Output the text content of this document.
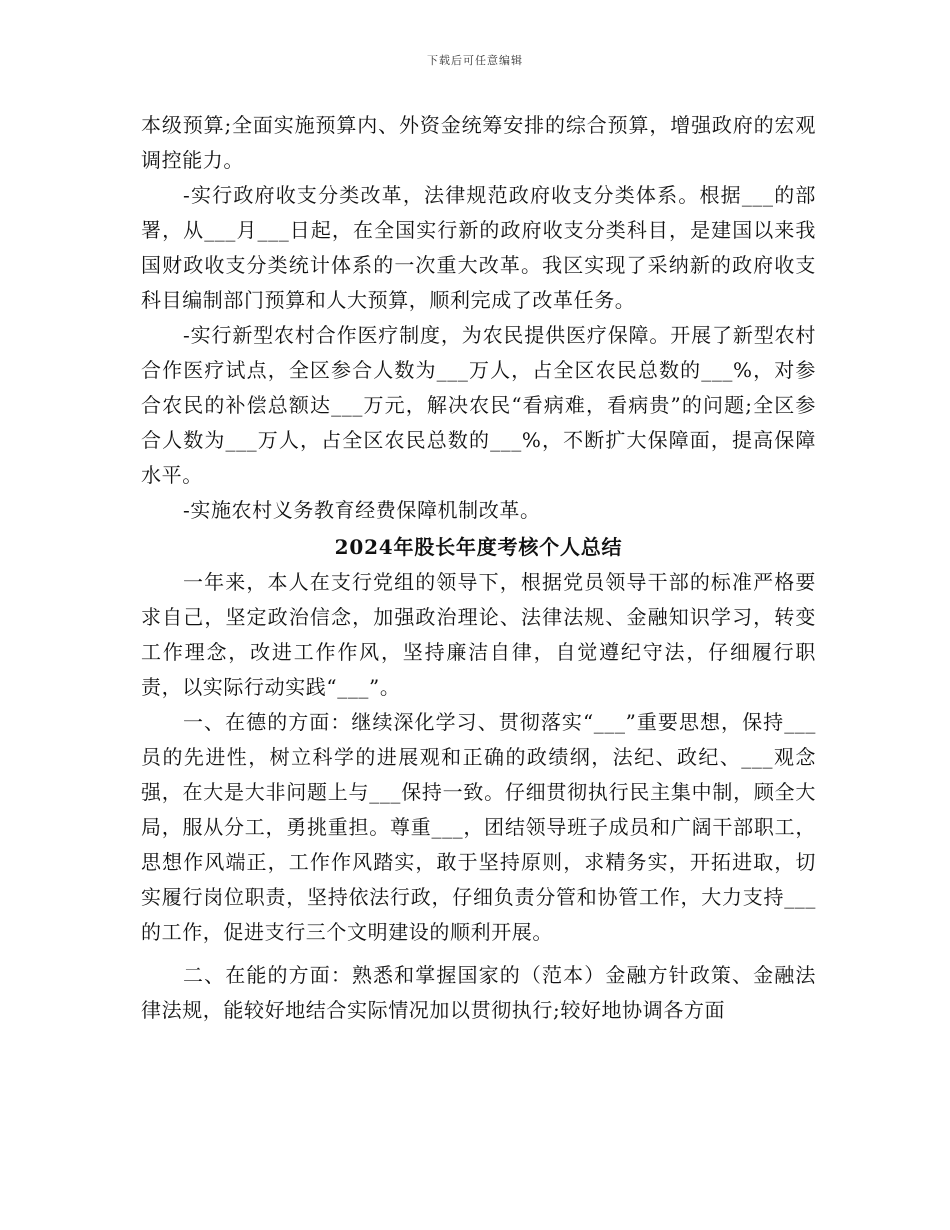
下载后可任意编辑

本级预算;全面实施预算内、外资金统筹安排的综合预算，增强政府的宏观调控能力。

-实行政府收支分类改革，法律规范政府收支分类体系。根据___的部署，从___月___日起，在全国实行新的政府收支分类科目，是建国以来我国财政收支分类统计体系的一次重大改革。我区实现了采纳新的政府收支科目编制部门预算和人大预算，顺利完成了改革任务。

-实行新型农村合作医疗制度，为农民提供医疗保障。开展了新型农村合作医疗试点，全区参合人数为___万人，占全区农民总数的___%，对参合农民的补偿总额达___万元，解决农民“看病难，看病贵”的问题;全区参合人数为___万人，占全区农民总数的___%，不断扩大保障面，提高保障水平。

-实施农村义务教育经费保障机制改革。

2024年股长年度考核个人总结

一年来，本人在支行党组的领导下，根据党员领导干部的标准严格要求自己，坚定政治信念，加强政治理论、法律法规、金融知识学习，转变工作理念，改进工作作风，坚持廉洁自律，自觉遵纪守法，仔细履行职责，以实际行动实践“___”。

一、在德的方面：继续深化学习、贯彻落实“___”重要思想，保持___员的先进性，树立科学的进展观和正确的政绩纲，法纪、政纪、___观念强，在大是大非问题上与___保持一致。仔细贯彻执行民主集中制，顾全大局，服从分工，勇挑重担。尊重___，团结领导班子成员和广阔干部职工，思想作风端正，工作作风踏实，敢于坚持原则，求精务实，开拓进取，切实履行岗位职责，坚持依法行政，仔细负责分管和协管工作，大力支持___的工作，促进支行三个文明建设的顺利开展。

二、在能的方面：熟悉和掌握国家的（范本）金融方针政策、金融法律法规，能较好地结合实际情况加以贯彻执行;较好地协调各方面
